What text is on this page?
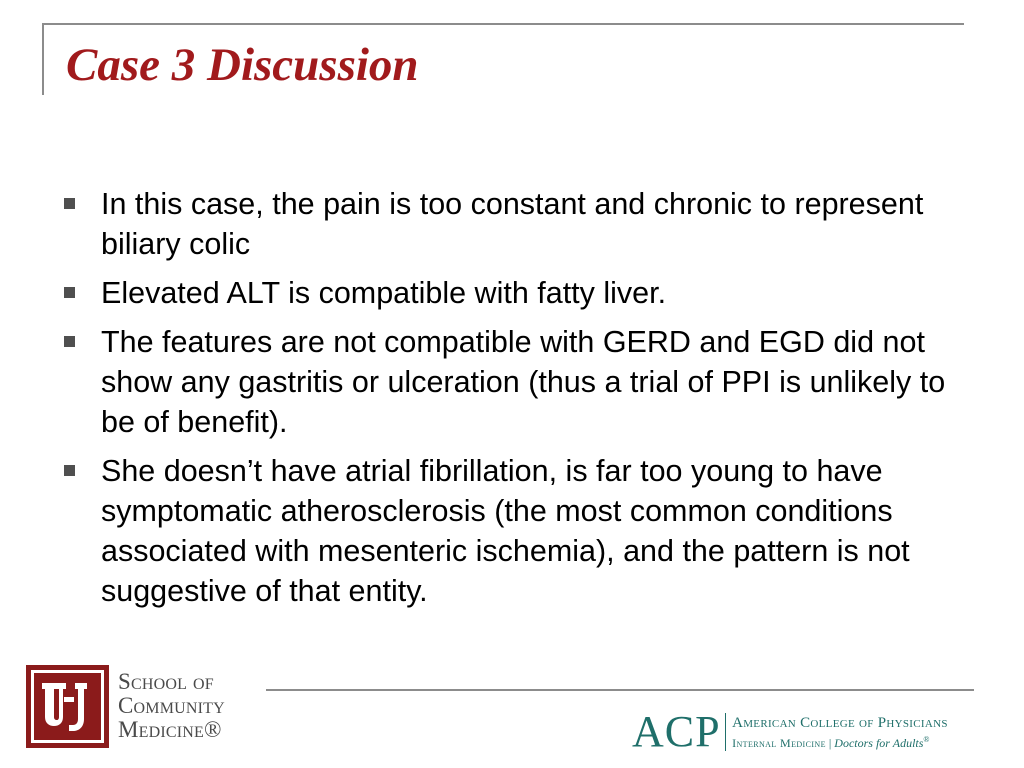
Case 3 Discussion
In this case, the pain is too constant and chronic to represent biliary colic
Elevated ALT is compatible with fatty liver.
The features are not compatible with GERD and EGD did not show any gastritis or ulceration (thus a trial of PPI is unlikely to be of benefit).
She doesn’t have atrial fibrillation, is far too young to have symptomatic atherosclerosis (the most common conditions associated with mesenteric ischemia), and the pattern is not suggestive of that entity.
School of
Community
Medicine®	ACP American College of Physicians
Internal Medicine | Doctors for Adults®
